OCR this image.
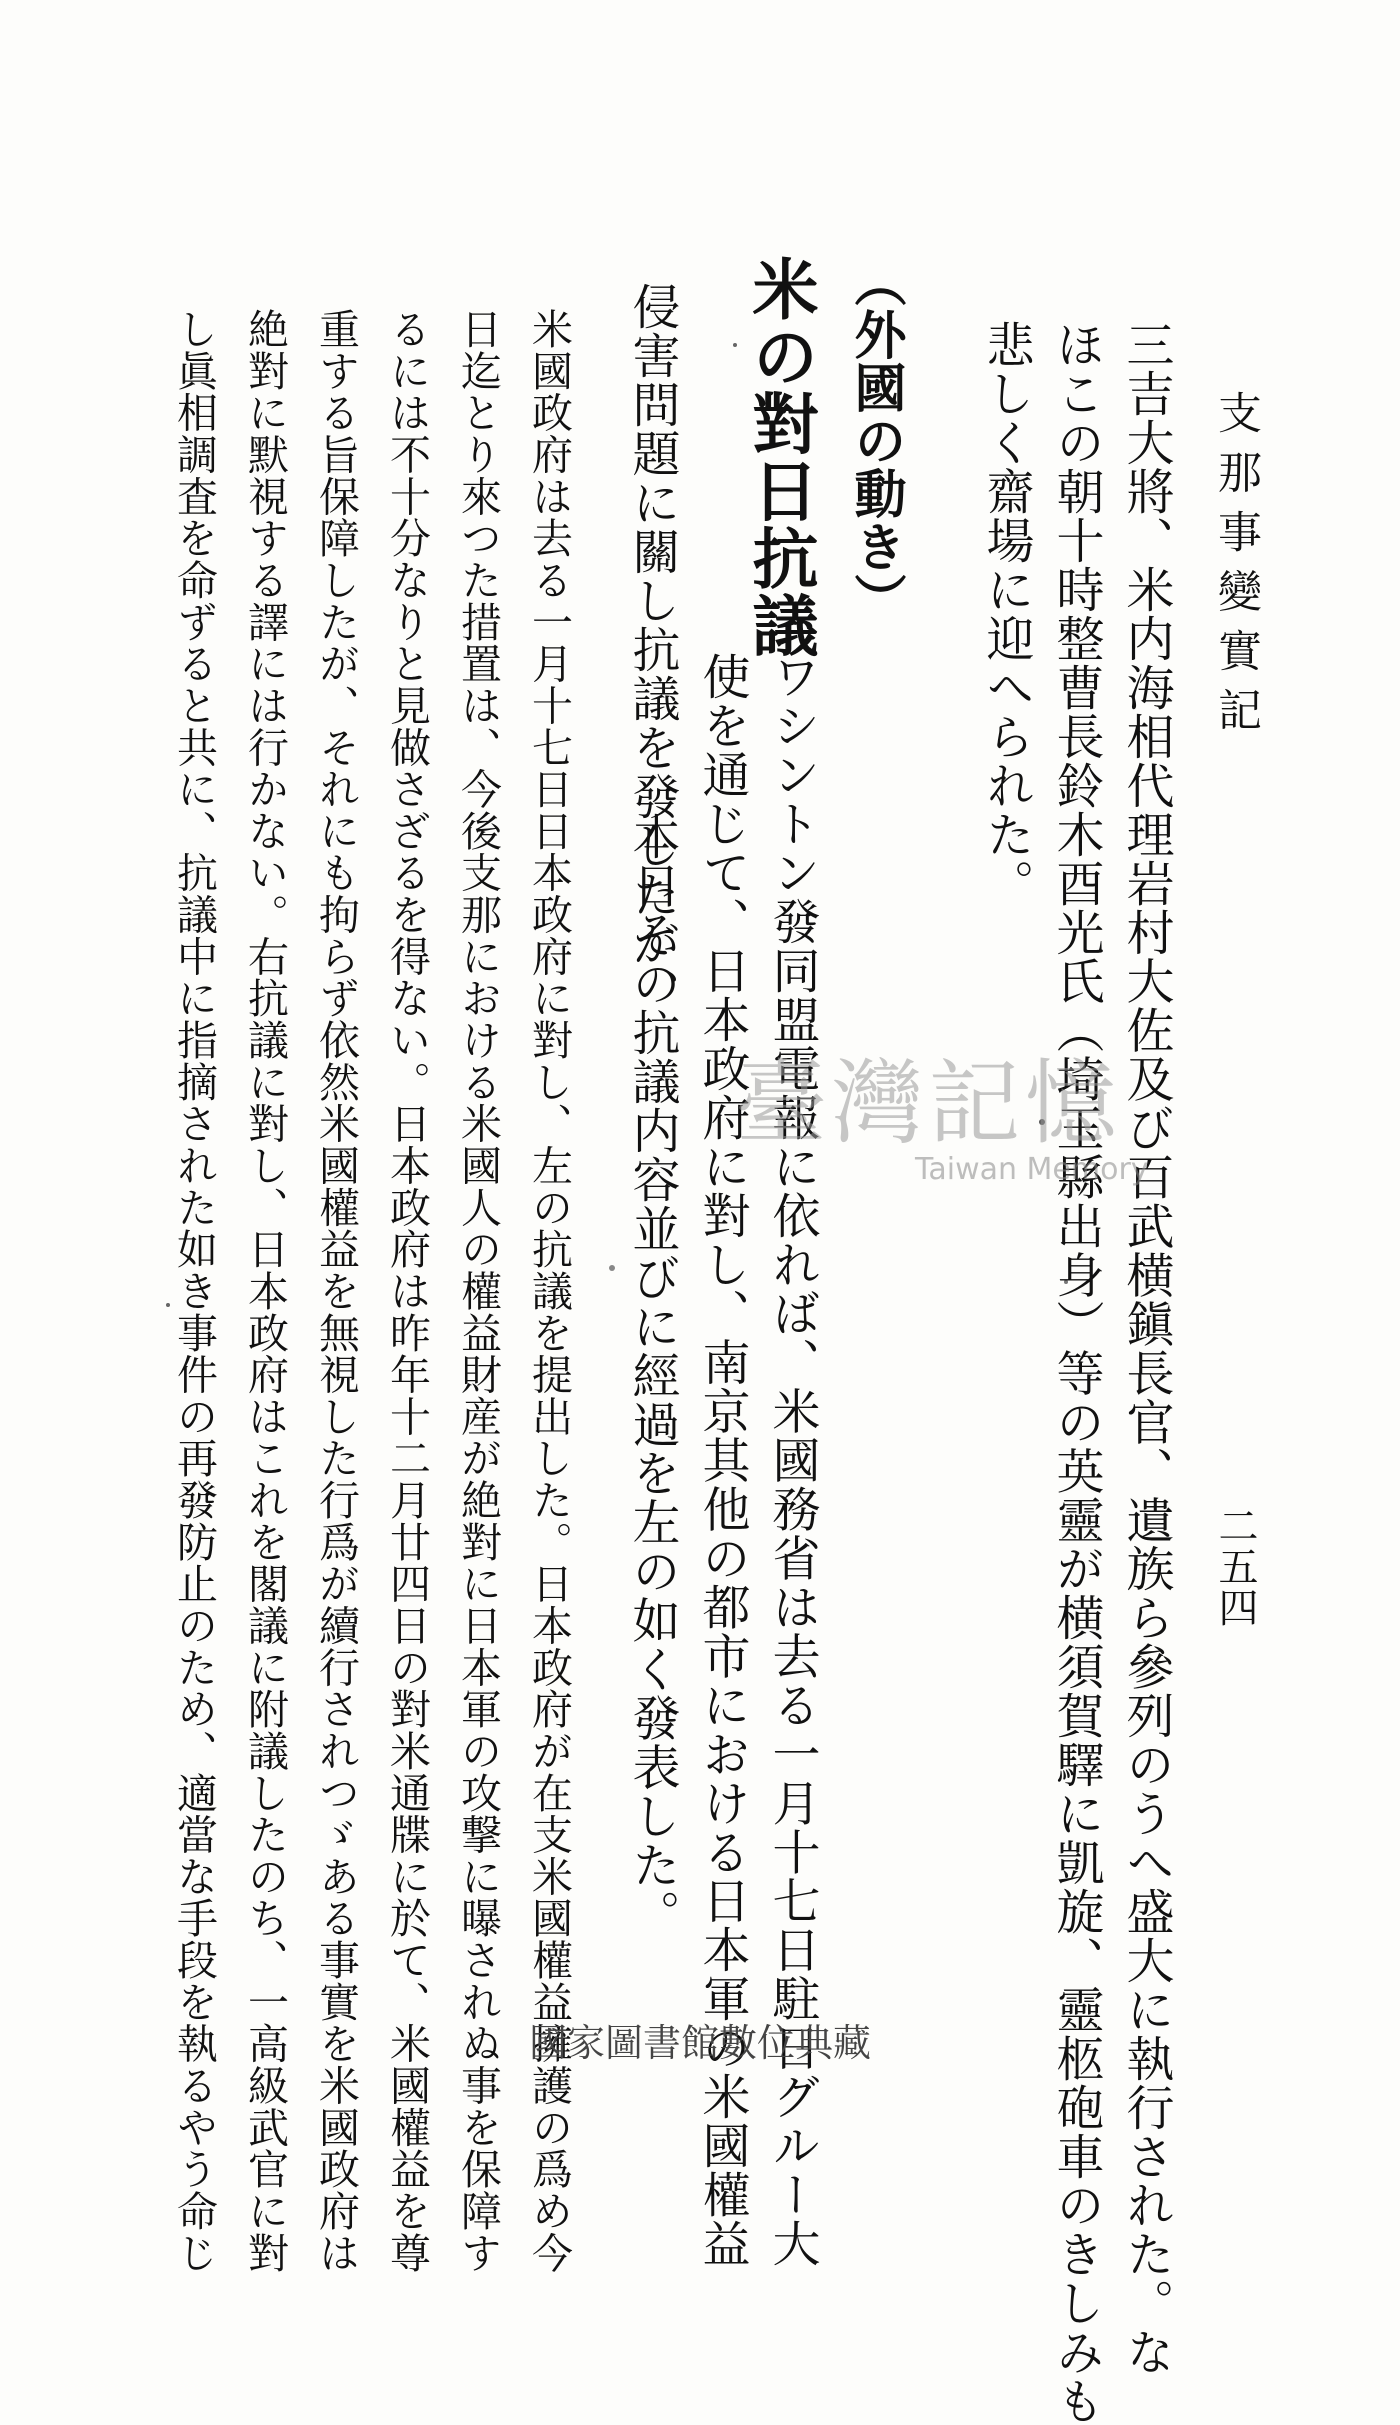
支那事變實記
二五四
三吉大將、米内海相代理岩村大佐及び百武横鎭長官、遺族ら參列のうへ盛大に執行された。な
ほこの朝十時整曹長鈴木酉光氏（埼玉縣出身）等の英靈が横須賀驛に凱旋、靈柩砲車のきしみも
悲しく齋場に迎へられた。
（外國の動き）
米の對日抗議
ワシントン發同盟電報に依れば、米國務省は去る一月十七日駐日グルー大
使を通じて、日本政府に對し、南京其他の都市における日本軍の米國權益
侵害問題に關し抗議を發したが、
本日その抗議内容並びに經過を左の如く發表した。
米國政府は去る一月十七日日本政府に對し、左の抗議を提出した。日本政府が在支米國權益擁護の爲め今
日迄とり來つた措置は、今後支那における米國人の權益財産が絶對に日本軍の攻撃に曝されぬ事を保障す
るには不十分なりと見做さざるを得ない。日本政府は昨年十二月廿四日の對米通牒に於て、米國權益を尊
重する旨保障したが、それにも拘らず依然米國權益を無視した行爲が續行されつゞある事實を米國政府は
絶對に默視する譯には行かない。右抗議に對し、日本政府はこれを閣議に附議したのち、一高級武官に對
し眞相調査を命ずると共に、抗議中に指摘された如き事件の再發防止のため、適當な手段を執るやう命じ	臺灣記憶
Taiwan Memory
國家圖書館數位典藏
